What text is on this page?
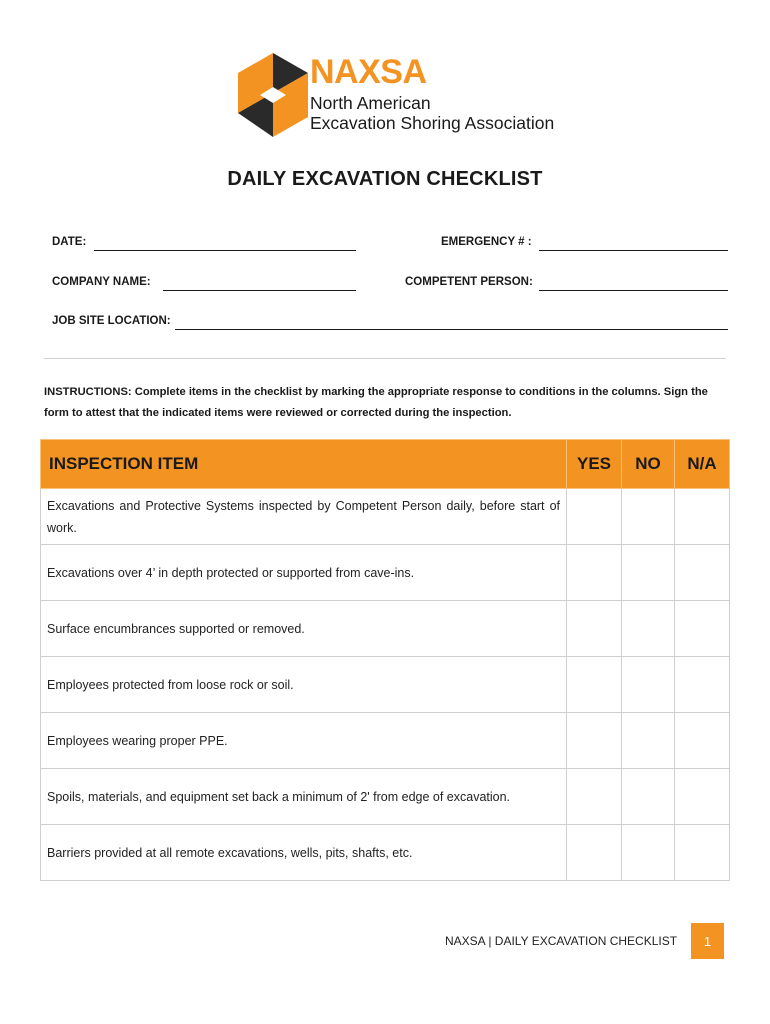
NAXSA
North American
Excavation Shoring Association
DAILY EXCAVATION CHECKLIST
DATE:	EMERGENCY # :
COMPANY NAME:	COMPETENT PERSON:
JOB SITE LOCATION:
INSTRUCTIONS: Complete items in the checklist by marking the appropriate response to conditions in the columns. Sign the form to attest that the indicated items were reviewed or corrected during the inspection.
INSPECTION ITEM	YES	NO	N/A
Excavations and Protective Systems inspected by Competent Person daily, before start of work.			
Excavations over 4’ in depth protected or supported from cave-ins.			
Surface encumbrances supported or removed.			
Employees protected from loose rock or soil.			
Employees wearing proper PPE.			
Spoils, materials, and equipment set back a minimum of 2' from edge of excavation.			
Barriers provided at all remote excavations, wells, pits, shafts, etc.			
NAXSA | DAILY EXCAVATION CHECKLIST	1
